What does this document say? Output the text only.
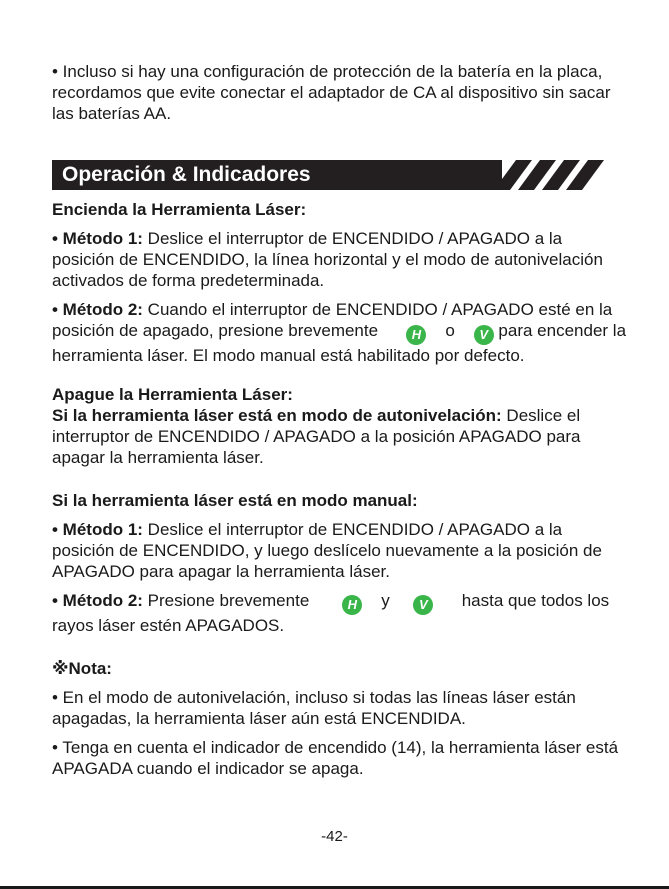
• Incluso si hay una configuración de protección de la batería en la placa, recordamos que evite conectar el adaptador de CA al dispositivo sin sacar las baterías AA.

Operación & Indicadores

Encienda la Herramienta Láser:

• Método 1: Deslice el interruptor de ENCENDIDO / APAGADO a la posición de ENCENDIDO, la línea horizontal y el modo de autonivelación activados de forma predeterminada.

• Método 2: Cuando el interruptor de ENCENDIDO / APAGADO esté en la posición de apagado, presione brevemente      H o V para encender la herramienta láser. El modo manual está habilitado por defecto.

Apague la Herramienta Láser:

Si la herramienta láser está en modo de autonivelación: Deslice el interruptor de ENCENDIDO / APAGADO a la posición APAGADO para apagar la herramienta láser.

Si la herramienta láser está en modo manual:

• Método 1: Deslice el interruptor de ENCENDIDO / APAGADO a la posición de ENCENDIDO, y luego deslícelo nuevamente a la posición de APAGADO para apagar la herramienta láser.

• Método 2: Presione brevemente	H y V      hasta que todos los rayos láser estén APAGADOS.

※Nota:

• En el modo de autonivelación, incluso si todas las líneas láser están apagadas, la herramienta láser aún está ENCENDIDA.

• Tenga en cuenta el indicador de encendido (14), la herramienta láser está APAGADA cuando el indicador se apaga.

-42-
